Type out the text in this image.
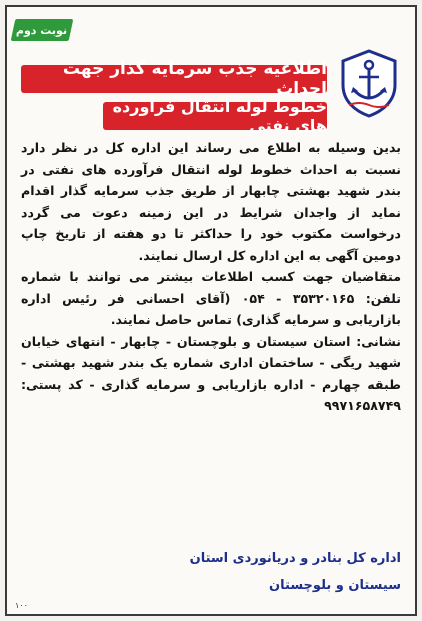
نوبت دوم
اطلاعیه جذب سرمایه گذار جهت احداث
خطوط لوله انتقال فرآورده های نفتی

بدین وسیله به اطلاع می رساند این اداره کل در نظر دارد نسبت به احداث خطوط لوله انتقال فرآورده های نفتی در بندر شهید بهشتی چابهار از طریق جذب سرمایه گذار اقدام نماید از واجدان شرایط در این زمینه دعوت می گردد درخواست مکتوب خود را حداکثر تا دو هفته از تاریخ چاپ دومین آگهی به این اداره کل ارسال نمایند.

متقاضیان جهت کسب اطلاعات بیشتر می توانند با شماره تلفن: ۳۵۳۲۰۱۶۵ - ۰۵۴ (آقای احسانی فر رئیس اداره بازاریابی و سرمایه گذاری) تماس حاصل نمایند.

نشانی: استان سیستان و بلوچستان - چابهار - انتهای خیابان شهید ریگی - ساختمان اداری شماره یک بندر شهید بهشتی - طبقه چهارم - اداره بازاریابی و سرمایه گذاری - کد پستی: ۹۹۷۱۶۵۸۷۴۹

اداره کل بنادر و دریانوردی استان
سیستان و بلوچستان
۱۰۰
